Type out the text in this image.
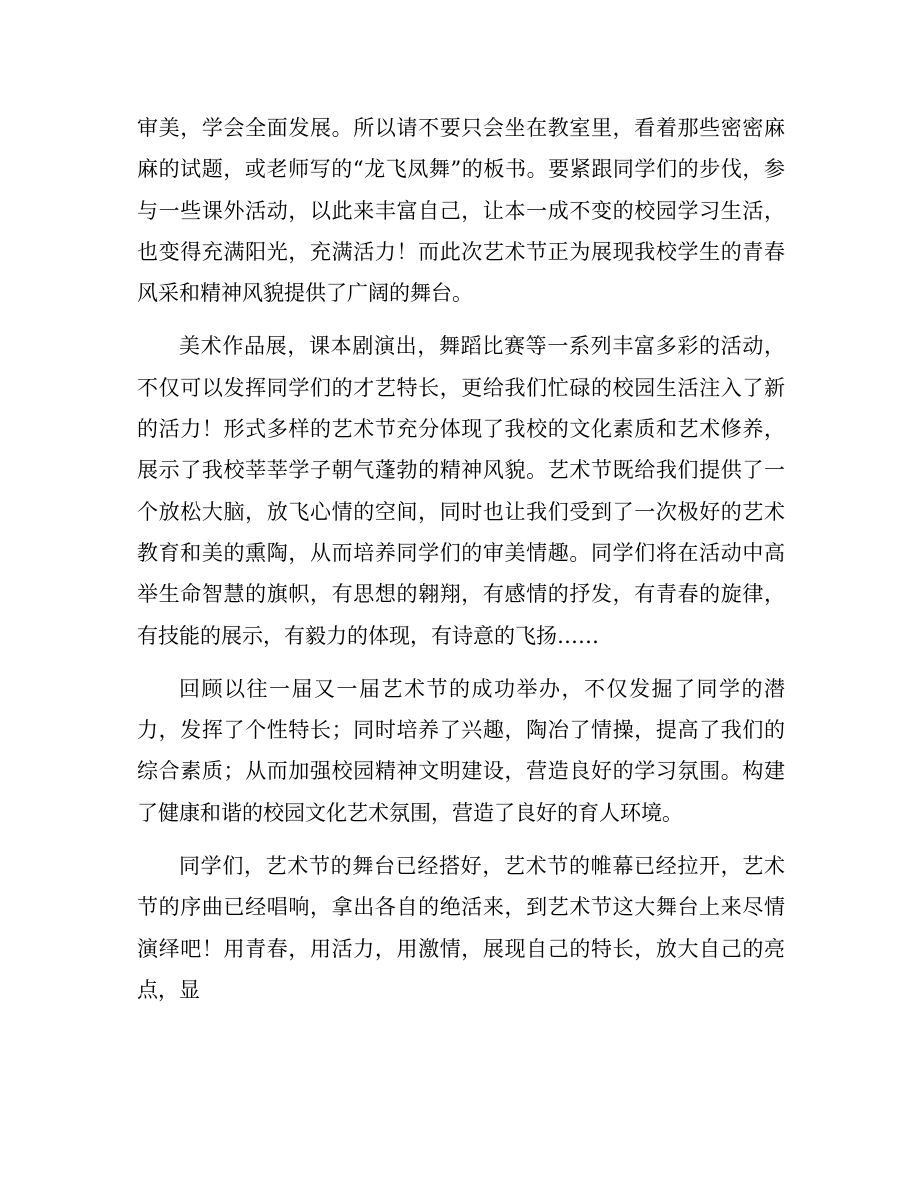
审美，学会全面发展。所以请不要只会坐在教室里，看着那些密密麻麻的试题，或老师写的“龙飞凤舞”的板书。要紧跟同学们的步伐，参与一些课外活动，以此来丰富自己，让本一成不变的校园学习生活，也变得充满阳光，充满活力！而此次艺术节正为展现我校学生的青春风采和精神风貌提供了广阔的舞台。

美术作品展，课本剧演出，舞蹈比赛等一系列丰富多彩的活动，不仅可以发挥同学们的才艺特长，更给我们忙碌的校园生活注入了新的活力！形式多样的艺术节充分体现了我校的文化素质和艺术修养，展示了我校莘莘学子朝气蓬勃的精神风貌。艺术节既给我们提供了一个放松大脑，放飞心情的空间，同时也让我们受到了一次极好的艺术教育和美的熏陶，从而培养同学们的审美情趣。同学们将在活动中高举生命智慧的旗帜，有思想的翱翔，有感情的抒发，有青春的旋律，有技能的展示，有毅力的体现，有诗意的飞扬……

回顾以往一届又一届艺术节的成功举办，不仅发掘了同学的潜力，发挥了个性特长；同时培养了兴趣，陶冶了情操，提高了我们的综合素质；从而加强校园精神文明建设，营造良好的学习氛围。构建了健康和谐的校园文化艺术氛围，营造了良好的育人环境。

同学们，艺术节的舞台已经搭好，艺术节的帷幕已经拉开，艺术节的序曲已经唱响，拿出各自的绝活来，到艺术节这大舞台上来尽情演绎吧！用青春，用活力，用激情，展现自己的特长，放大自己的亮点，显
